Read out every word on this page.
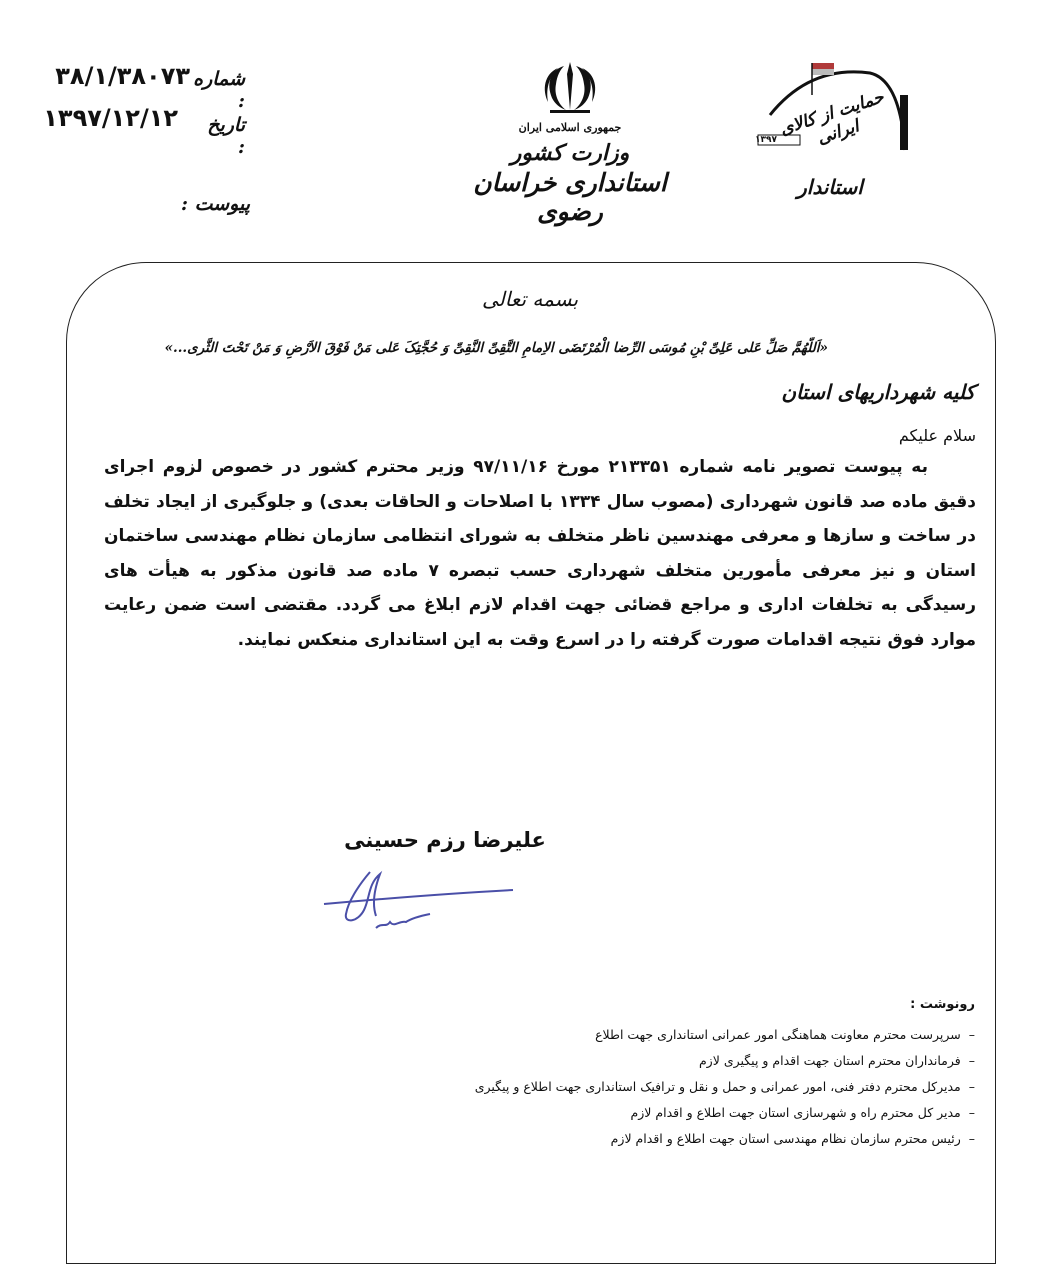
شماره :
۳۸/۱/۳۸۰۷۳
تاریخ :
۱۳۹۷/۱۲/۱۲
پیوست :
جمهوری اسلامی ایران
وزارت کشور
استانداری خراسان رضوی
حمایت از کالای ایرانی
۱۳۹۷
استاندار
بسمه تعالی
«اَللّهُمَّ صَلِّ عَلی عَلِیِّ بْنِ مُوسَی الرِّضا الْمُرْتَضَی الاِمامِ التَّقِیِّ النَّقِیِّ وَ حُجَّتِکَ عَلی مَنْ فَوْقَ الاَرْضِ وَ مَنْ تَحْتَ الثَّری...»
کلیه شهرداریهای استان
سلام علیکم
به پیوست تصویر نامه شماره ۲۱۳۳۵۱ مورخ ۹۷/۱۱/۱۶ وزیر محترم کشور در خصوص لزوم اجرای دقیق ماده صد قانون شهرداری (مصوب سال ۱۳۳۴ با اصلاحات و الحاقات بعدی) و جلوگیری از ایجاد تخلف در ساخت و سازها و معرفی مهندسین ناظر متخلف به شورای انتظامی سازمان نظام مهندسی ساختمان استان و نیز معرفی مأمورین متخلف شهرداری حسب تبصره ۷ ماده صد قانون مذکور به هیأت های رسیدگی به تخلفات اداری و مراجع قضائی جهت اقدام لازم ابلاغ می گردد. مقتضی است ضمن رعایت موارد فوق نتیجه اقدامات صورت گرفته را در اسرع وقت به این استانداری منعکس نمایند.
علیرضا رزم حسینی
رونوشت :
– سرپرست محترم معاونت هماهنگی امور عمرانی استانداری جهت اطلاع
– فرمانداران محترم استان جهت اقدام و پیگیری لازم
– مدیرکل محترم دفتر فنی، امور عمرانی و حمل و نقل و ترافیک استانداری جهت اطلاع و پیگیری
– مدیر کل محترم راه و شهرسازی استان جهت اطلاع و اقدام لازم
– رئیس محترم سازمان نظام مهندسی استان جهت اطلاع و اقدام لازم
